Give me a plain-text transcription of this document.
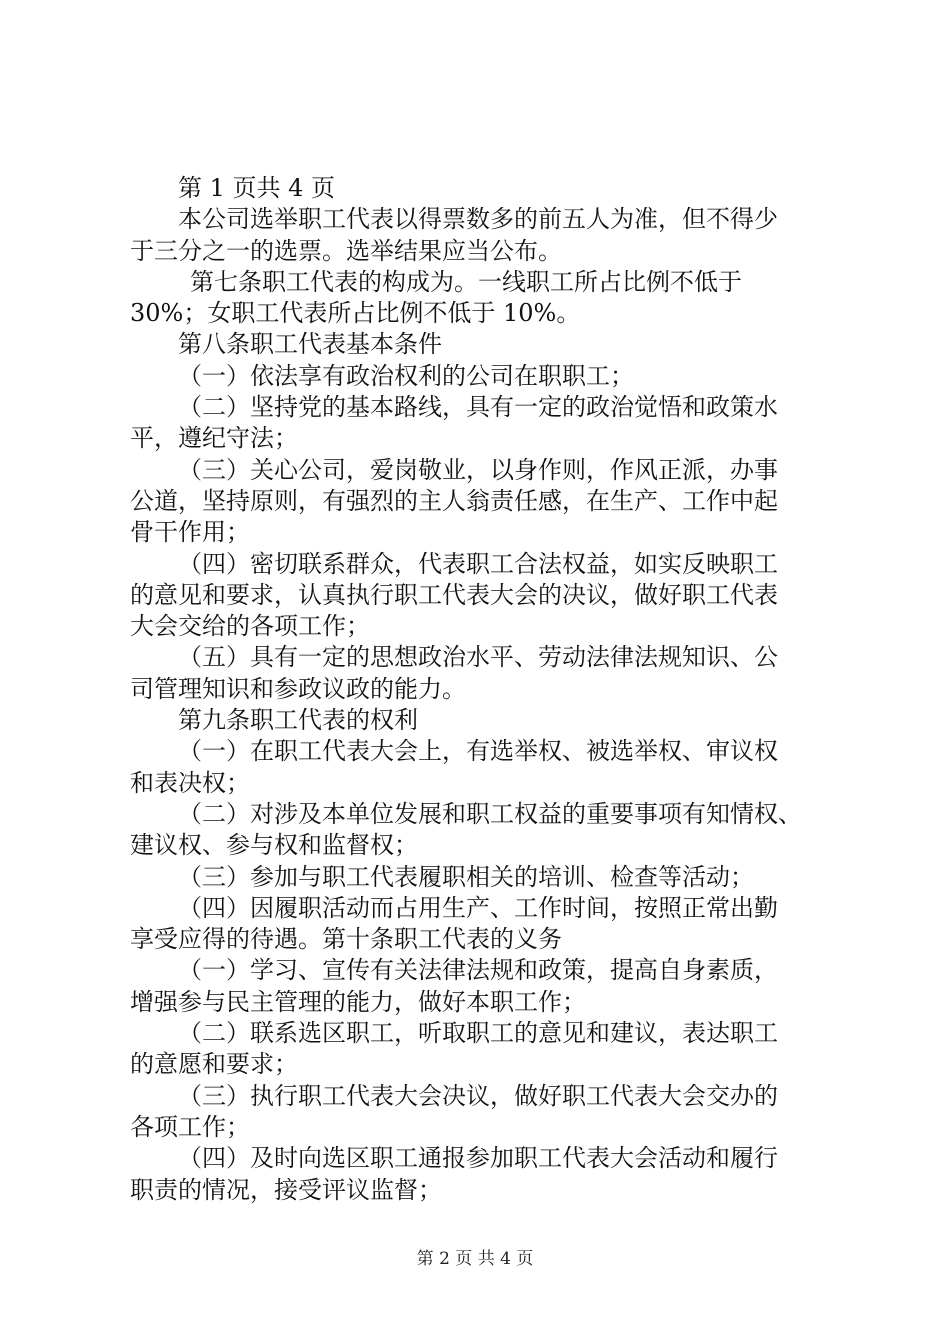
第 1 页共 4 页
本公司选举职工代表以得票数多的前五人为准，但不得少
于三分之一的选票。选举结果应当公布。
第七条职工代表的构成为。一线职工所占比例不低于
30%；女职工代表所占比例不低于 10%。
第八条职工代表基本条件
（一）依法享有政治权利的公司在职职工；
（二）坚持党的基本路线，具有一定的政治觉悟和政策水
平，遵纪守法；
（三）关心公司，爱岗敬业，以身作则，作风正派，办事
公道，坚持原则，有强烈的主人翁责任感，在生产、工作中起
骨干作用；
（四）密切联系群众，代表职工合法权益，如实反映职工
的意见和要求，认真执行职工代表大会的决议，做好职工代表
大会交给的各项工作；
（五）具有一定的思想政治水平、劳动法律法规知识、公
司管理知识和参政议政的能力。
第九条职工代表的权利
（一）在职工代表大会上，有选举权、被选举权、审议权
和表决权；
（二）对涉及本单位发展和职工权益的重要事项有知情权、
建议权、参与权和监督权；
（三）参加与职工代表履职相关的培训、检查等活动；
（四）因履职活动而占用生产、工作时间，按照正常出勤
享受应得的待遇。第十条职工代表的义务
（一）学习、宣传有关法律法规和政策，提高自身素质，
增强参与民主管理的能力，做好本职工作；
（二）联系选区职工，听取职工的意见和建议，表达职工
的意愿和要求；
（三）执行职工代表大会决议，做好职工代表大会交办的
各项工作；
（四）及时向选区职工通报参加职工代表大会活动和履行
职责的情况，接受评议监督；
第 2 页 共 4 页
